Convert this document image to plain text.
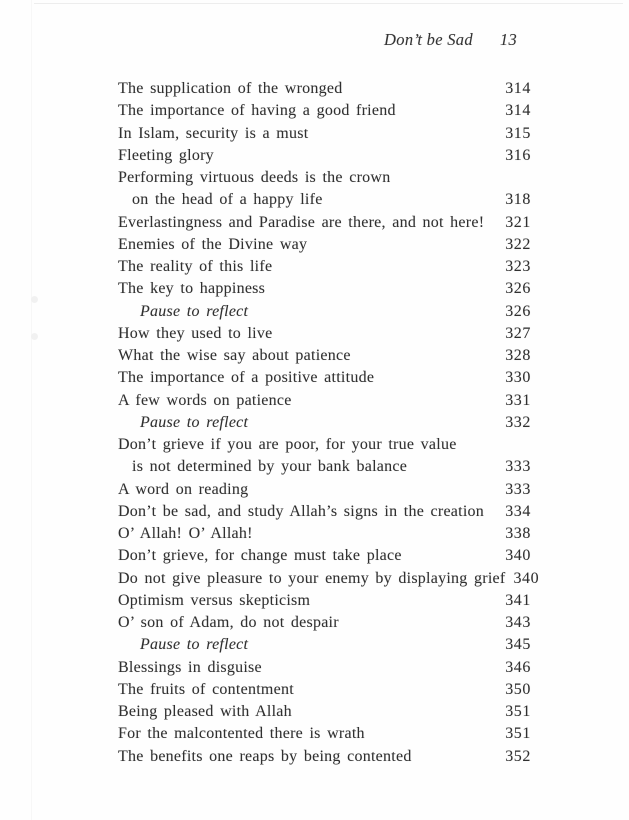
Don’t be Sad 13
The supplication of the wronged	314
The importance of having a good friend	314
In Islam, security is a must	315
Fleeting glory	316
Performing virtuous deeds is the crown
on the head of a happy life	318
Everlastingness and Paradise are there, and not here! 321
Enemies of the Divine way	322
The reality of this life	323
The key to happiness	326
Pause to reflect	326
How they used to live	327
What the wise say about patience	328
The importance of a positive attitude	330
A few words on patience	331
Pause to reflect	332
Don’t grieve if you are poor, for your true value
is not determined by your bank balance	333
A word on reading	333
Don’t be sad, and study Allah’s signs in the creation 334
O’ Allah! O’ Allah!	338
Don’t grieve, for change must take place	340
Do not give pleasure to your enemy by displaying grief 340
Optimism versus skepticism	341
O’ son of Adam, do not despair	343
Pause to reflect	345
Blessings in disguise	346
The fruits of contentment	350
Being pleased with Allah	351
For the malcontented there is wrath	351
The benefits one reaps by being contented	352
